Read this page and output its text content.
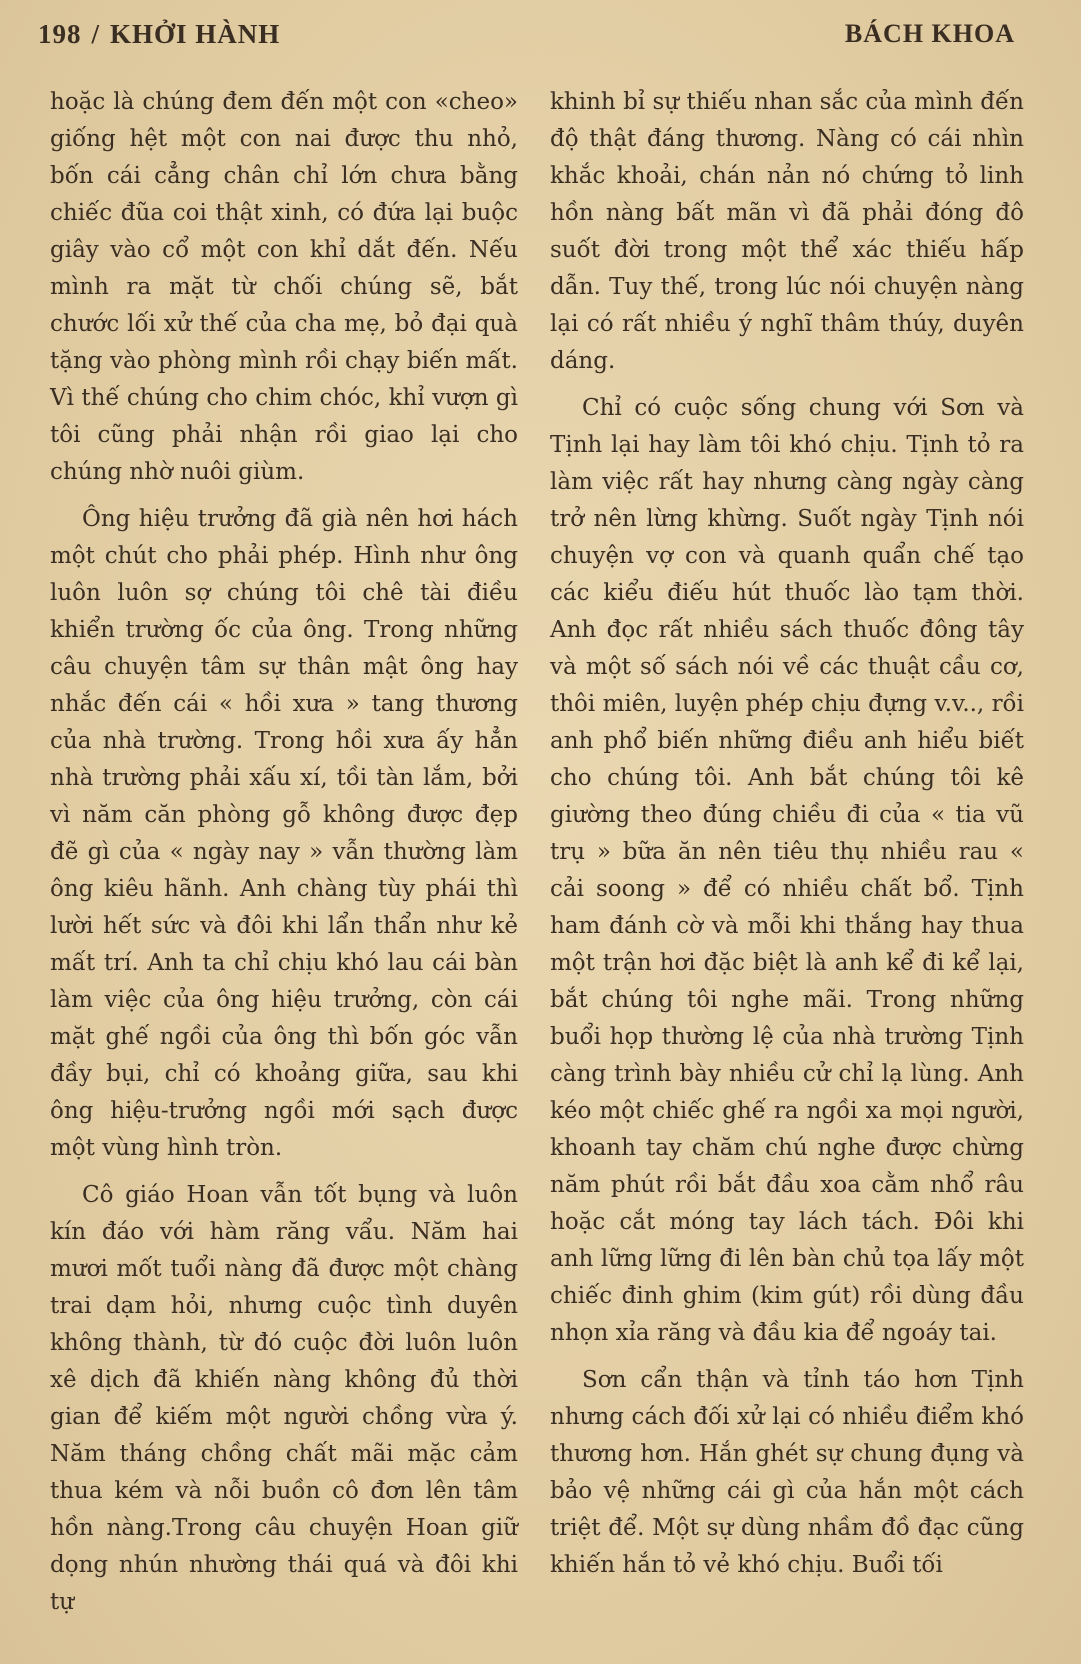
198 / KHỞI HÀNH	BÁCH KHOA

hoặc là chúng đem đến một con «cheo» giống hệt một con nai được thu nhỏ, bốn cái cẳng chân chỉ lớn chưa bằng chiếc đũa coi thật xinh, có đứa lại buộc giây vào cổ một con khỉ dắt đến. Nếu mình ra mặt từ chối chúng sẽ, bắt chước lối xử thế của cha mẹ, bỏ đại quà tặng vào phòng mình rồi chạy biến mất. Vì thế chúng cho chim chóc, khỉ vượn gì tôi cũng phải nhận rồi giao lại cho chúng nhờ nuôi giùm.

Ông hiệu trưởng đã già nên hơi hách một chút cho phải phép. Hình như ông luôn luôn sợ chúng tôi chê tài điều khiển trường ốc của ông. Trong những câu chuyện tâm sự thân mật ông hay nhắc đến cái « hồi xưa » tang thương của nhà trường. Trong hồi xưa ấy hẳn nhà trường phải xấu xí, tồi tàn lắm, bởi vì năm căn phòng gỗ không được đẹp đẽ gì của « ngày nay » vẫn thường làm ông kiêu hãnh. Anh chàng tùy phái thì lười hết sức và đôi khi lẩn thẩn như kẻ mất trí. Anh ta chỉ chịu khó lau cái bàn làm việc của ông hiệu trưởng, còn cái mặt ghế ngồi của ông thì bốn góc vẫn đầy bụi, chỉ có khoảng giữa, sau khi ông hiệu-trưởng ngồi mới sạch được một vùng hình tròn.

Cô giáo Hoan vẫn tốt bụng và luôn kín đáo với hàm răng vẩu. Năm hai mươi mốt tuổi nàng đã được một chàng trai dạm hỏi, nhưng cuộc tình duyên không thành, từ đó cuộc đời luôn luôn xê dịch đã khiến nàng không đủ thời gian để kiếm một người chồng vừa ý. Năm tháng chồng chất mãi mặc cảm thua kém và nỗi buồn cô đơn lên tâm hồn nàng.Trong câu chuyện Hoan giữ dọng nhún nhường thái quá và đôi khi tự

khinh bỉ sự thiếu nhan sắc của mình đến độ thật đáng thương. Nàng có cái nhìn khắc khoải, chán nản nó chứng tỏ linh hồn nàng bất mãn vì đã phải đóng đô suốt đời trong một thể xác thiếu hấp dẫn. Tuy thế, trong lúc nói chuyện nàng lại có rất nhiều ý nghĩ thâm thúy, duyên dáng.

Chỉ có cuộc sống chung với Sơn và Tịnh lại hay làm tôi khó chịu. Tịnh tỏ ra làm việc rất hay nhưng càng ngày càng trở nên lừng khừng. Suốt ngày Tịnh nói chuyện vợ con và quanh quẩn chế tạo các kiểu điếu hút thuốc lào tạm thời. Anh đọc rất nhiều sách thuốc đông tây và một số sách nói về các thuật cầu cơ, thôi miên, luyện phép chịu đựng v.v.., rồi anh phổ biến những điều anh hiểu biết cho chúng tôi. Anh bắt chúng tôi kê giường theo đúng chiều đi của « tia vũ trụ » bữa ăn nên tiêu thụ nhiều rau « cải soong » để có nhiều chất bổ. Tịnh ham đánh cờ và mỗi khi thắng hay thua một trận hơi đặc biệt là anh kể đi kể lại, bắt chúng tôi nghe mãi. Trong những buổi họp thường lệ của nhà trường Tịnh càng trình bày nhiều cử chỉ lạ lùng. Anh kéo một chiếc ghế ra ngồi xa mọi người, khoanh tay chăm chú nghe được chừng năm phút rồi bắt đầu xoa cằm nhổ râu hoặc cắt móng tay lách tách. Đôi khi anh lững lững đi lên bàn chủ tọa lấy một chiếc đinh ghim (kim gút) rồi dùng đầu nhọn xỉa răng và đầu kia để ngoáy tai.

Sơn cẩn thận và tỉnh táo hơn Tịnh nhưng cách đối xử lại có nhiều điểm khó thương hơn. Hắn ghét sự chung đụng và bảo vệ những cái gì của hắn một cách triệt để. Một sự dùng nhầm đồ đạc cũng khiến hắn tỏ vẻ khó chịu. Buổi tối
